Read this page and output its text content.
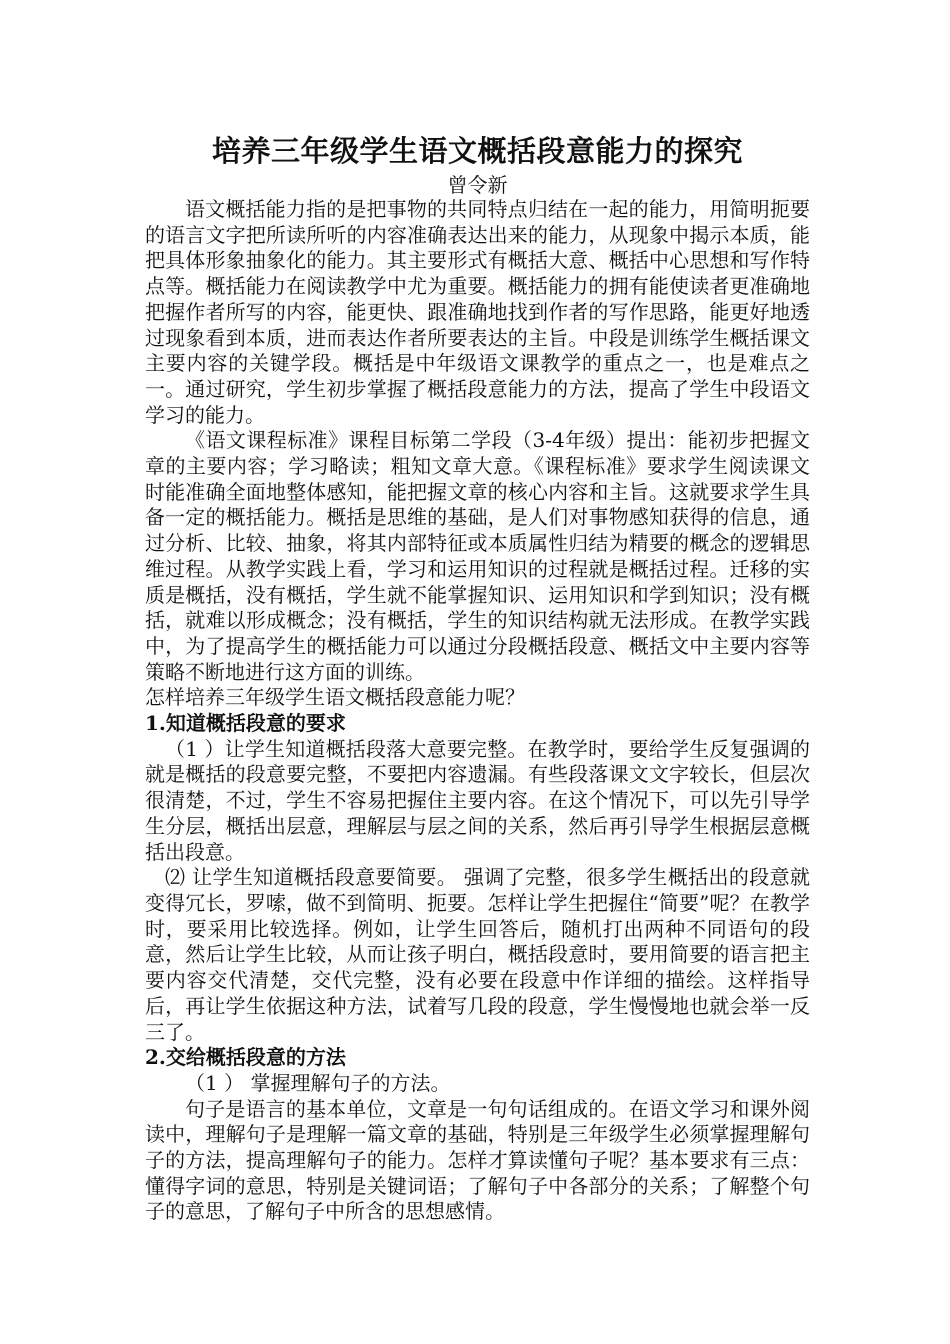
培养三年级学生语文概括段意能力的探究
曾令新

语文概括能力指的是把事物的共同特点归结在一起的能力，用简明扼要的语言文字把所读所听的内容准确表达出来的能力，从现象中揭示本质，能把具体形象抽象化的能力。其主要形式有概括大意、概括中心思想和写作特点等。概括能力在阅读教学中尤为重要。概括能力的拥有能使读者更准确地把握作者所写的内容，能更快、跟准确地找到作者的写作思路，能更好地透过现象看到本质，进而表达作者所要表达的主旨。中段是训练学生概括课文主要内容的关键学段。概括是中年级语文课教学的重点之一，也是难点之一。通过研究，学生初步掌握了概括段意能力的方法，提高了学生中段语文学习的能力。

《语文课程标准》课程目标第二学段（3-4年级）提出：能初步把握文章的主要内容；学习略读；粗知文章大意。《课程标准》要求学生阅读课文时能准确全面地整体感知，能把握文章的核心内容和主旨。这就要求学生具备一定的概括能力。概括是思维的基础，是人们对事物感知获得的信息，通过分析、比较、抽象，将其内部特征或本质属性归结为精要的概念的逻辑思维过程。从教学实践上看，学习和运用知识的过程就是概括过程。迁移的实质是概括，没有概括，学生就不能掌握知识、运用知识和学到知识；没有概括，就难以形成概念；没有概括，学生的知识结构就无法形成。在教学实践中，为了提高学生的概括能力可以通过分段概括段意、概括文中主要内容等策略不断地进行这方面的训练。

怎样培养三年级学生语文概括段意能力呢？

1.知道概括段意的要求

（1 ）让学生知道概括段落大意要完整。在教学时，要给学生反复强调的就是概括的段意要完整，不要把内容遗漏。有些段落课文文字较长，但层次很清楚，不过，学生不容易把握住主要内容。在这个情况下，可以先引导学生分层，概括出层意，理解层与层之间的关系，然后再引导学生根据层意概括出段意。

⑵ 让学生知道概括段意要简要。 强调了完整，很多学生概括出的段意就变得冗长，罗嗦，做不到简明、扼要。怎样让学生把握住“简要”呢？在教学时，要采用比较选择。例如，让学生回答后，随机打出两种不同语句的段意，然后让学生比较，从而让孩子明白，概括段意时，要用简要的语言把主要内容交代清楚，交代完整，没有必要在段意中作详细的描绘。这样指导后，再让学生依据这种方法，试着写几段的段意，学生慢慢地也就会举一反三了。

2.交给概括段意的方法

（1 ） 掌握理解句子的方法。

句子是语言的基本单位，文章是一句句话组成的。在语文学习和课外阅读中，理解句子是理解一篇文章的基础，特别是三年级学生必须掌握理解句子的方法，提高理解句子的能力。怎样才算读懂句子呢？基本要求有三点：懂得字词的意思，特别是关键词语；了解句子中各部分的关系；了解整个句子的意思，了解句子中所含的思想感情。
